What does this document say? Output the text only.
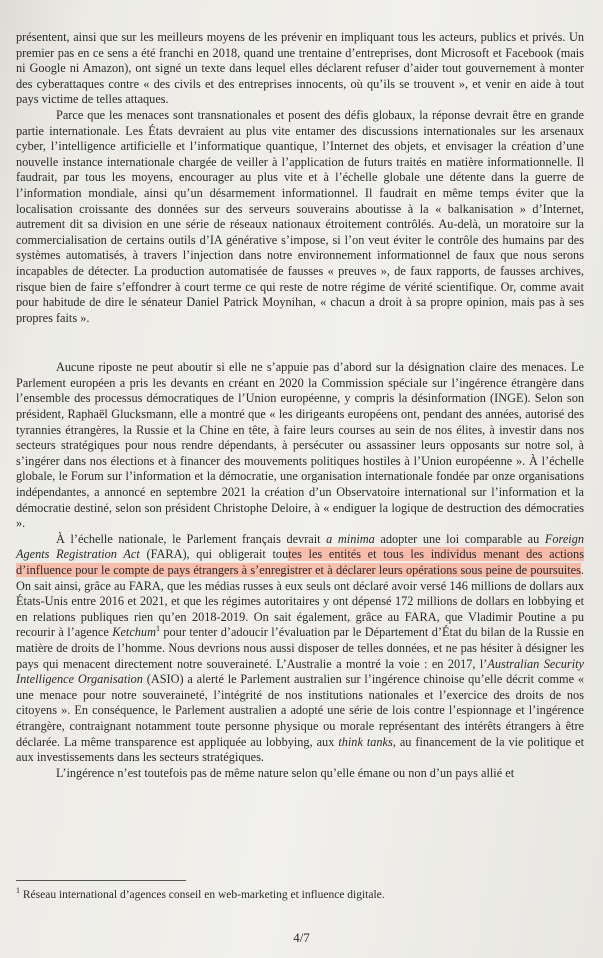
présentent, ainsi que sur les meilleurs moyens de les prévenir en impliquant tous les acteurs, publics et privés. Un premier pas en ce sens a été franchi en 2018, quand une trentaine d’entreprises, dont Microsoft et Facebook (mais ni Google ni Amazon), ont signé un texte dans lequel elles déclarent refuser d’aider tout gouvernement à monter des cyberattaques contre « des civils et des entreprises innocents, où qu’ils se trouvent », et venir en aide à tout pays victime de telles attaques.

Parce que les menaces sont transnationales et posent des défis globaux, la réponse devrait être en grande partie internationale. Les États devraient au plus vite entamer des discussions internationales sur les arsenaux cyber, l’intelligence artificielle et l’informatique quantique, l’Internet des objets, et envisager la création d’une nouvelle instance internationale chargée de veiller à l’application de futurs traités en matière informationnelle. Il faudrait, par tous les moyens, encourager au plus vite et à l’échelle globale une détente dans la guerre de l’information mondiale, ainsi qu’un désarmement informationnel. Il faudrait en même temps éviter que la localisation croissante des données sur des serveurs souverains aboutisse à la « balkanisation » d’Internet, autrement dit sa division en une série de réseaux nationaux étroitement contrôlés. Au-delà, un moratoire sur la commercialisation de certains outils d’IA générative s’impose, si l’on veut éviter le contrôle des humains par des systèmes automatisés, à travers l’injection dans notre environnement informationnel de faux que nous serons incapables de détecter. La production automatisée de fausses « preuves », de faux rapports, de fausses archives, risque bien de faire s’effondrer à court terme ce qui reste de notre régime de vérité scientifique. Or, comme avait pour habitude de dire le sénateur Daniel Patrick Moynihan, « chacun a droit à sa propre opinion, mais pas à ses propres faits ».

Aucune riposte ne peut aboutir si elle ne s’appuie pas d’abord sur la désignation claire des menaces. Le Parlement européen a pris les devants en créant en 2020 la Commission spéciale sur l’ingérence étrangère dans l’ensemble des processus démocratiques de l’Union européenne, y compris la désinformation (INGE). Selon son président, Raphaël Glucksmann, elle a montré que « les dirigeants européens ont, pendant des années, autorisé des tyrannies étrangères, la Russie et la Chine en tête, à faire leurs courses au sein de nos élites, à investir dans nos secteurs stratégiques pour nous rendre dépendants, à persécuter ou assassiner leurs opposants sur notre sol, à s’ingérer dans nos élections et à financer des mouvements politiques hostiles à l’Union européenne ». À l’échelle globale, le Forum sur l’information et la démocratie, une organisation internationale fondée par onze organisations indépendantes, a annoncé en septembre 2021 la création d’un Observatoire international sur l’information et la démocratie destiné, selon son président Christophe Deloire, à « endiguer la logique de destruction des démocraties ».

À l’échelle nationale, le Parlement français devrait a minima adopter une loi comparable au Foreign Agents Registration Act (FARA), qui obligerait toutes les entités et tous les individus menant des actions d’influence pour le compte de pays étrangers à s’enregistrer et à déclarer leurs opérations sous peine de poursuites. On sait ainsi, grâce au FARA, que les médias russes à eux seuls ont déclaré avoir versé 146 millions de dollars aux États-Unis entre 2016 et 2021, et que les régimes autoritaires y ont dépensé 172 millions de dollars en lobbying et en relations publiques rien qu’en 2018-2019. On sait également, grâce au FARA, que Vladimir Poutine a pu recourir à l’agence Ketchum$^1$ pour tenter d’adoucir l’évaluation par le Département d’État du bilan de la Russie en matière de droits de l’homme. Nous devrions nous aussi disposer de telles données, et ne pas hésiter à désigner les pays qui menacent directement notre souveraineté. L’Australie a montré la voie : en 2017, l’Australian Security Intelligence Organisation (ASIO) a alerté le Parlement australien sur l’ingérence chinoise qu’elle décrit comme « une menace pour notre souveraineté, l’intégrité de nos institutions nationales et l’exercice des droits de nos citoyens ». En conséquence, le Parlement australien a adopté une série de lois contre l’espionnage et l’ingérence étrangère, contraignant notamment toute personne physique ou morale représentant des intérêts étrangers à être déclarée. La même transparence est appliquée au lobbying, aux think tanks, au financement de la vie politique et aux investissements dans les secteurs stratégiques.

L’ingérence n’est toutefois pas de même nature selon qu’elle émane ou non d’un pays allié et

$^1$ Réseau international d’agences conseil en web-marketing et influence digitale.
4/7
